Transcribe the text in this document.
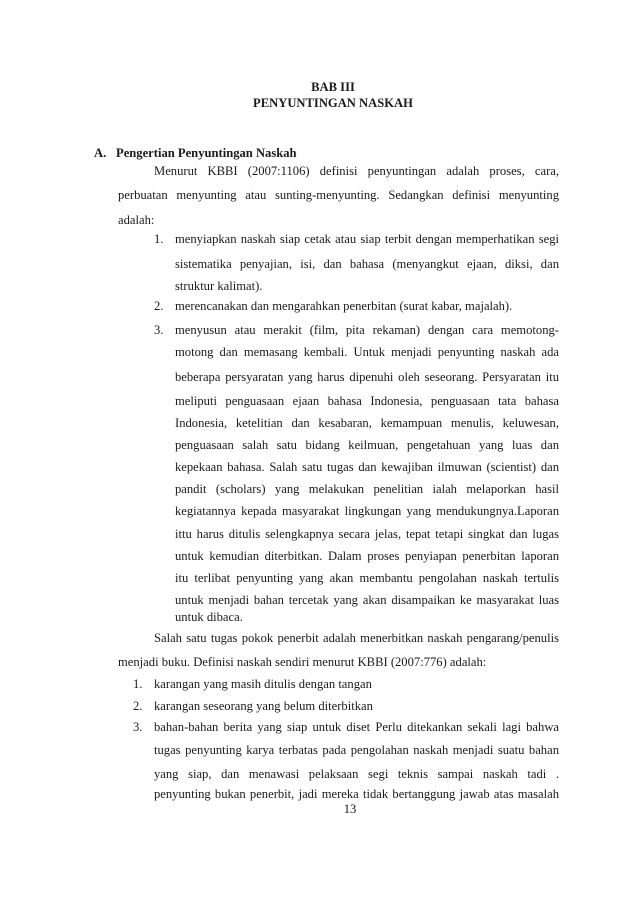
BAB III
PENYUNTINGAN NASKAH
A. Pengertian Penyuntingan Naskah
Menurut KBBI (2007:1106) definisi penyuntingan adalah proses, cara,
perbuatan menyunting atau sunting-menyunting. Sedangkan definisi menyunting
adalah:
1. menyiapkan naskah siap cetak atau siap terbit dengan memperhatikan segi
sistematika penyajian, isi, dan bahasa (menyangkut ejaan, diksi, dan
struktur kalimat).
2. merencanakan dan mengarahkan penerbitan (surat kabar, majalah).
3. menyusun atau merakit (film, pita rekaman) dengan cara memotong-
motong dan memasang kembali. Untuk menjadi penyunting naskah ada
beberapa persyaratan yang harus dipenuhi oleh seseorang. Persyaratan itu
meliputi penguasaan ejaan bahasa Indonesia, penguasaan tata bahasa
Indonesia, ketelitian dan kesabaran, kemampuan menulis, keluwesan,
penguasaan salah satu bidang keilmuan, pengetahuan yang luas dan
kepekaan bahasa. Salah satu tugas dan kewajiban ilmuwan (scientist) dan
pandit (scholars) yang melakukan penelitian ialah melaporkan hasil
kegiatannya kepada masyarakat lingkungan yang mendukungnya.Laporan
ittu harus ditulis selengkapnya secara jelas, tepat tetapi singkat dan lugas
untuk kemudian diterbitkan. Dalam proses penyiapan penerbitan laporan
itu terlibat penyunting yang akan membantu pengolahan naskah tertulis
untuk menjadi bahan tercetak yang akan disampaikan ke masyarakat luas
untuk dibaca.
Salah satu tugas pokok penerbit adalah menerbitkan naskah pengarang/penulis
menjadi buku. Definisi naskah sendiri menurut KBBI (2007:776) adalah:
1. karangan yang masih ditulis dengan tangan
2. karangan seseorang yang belum diterbitkan
3. bahan-bahan berita yang siap untuk diset Perlu ditekankan sekali lagi bahwa
tugas penyunting karya terbatas pada pengolahan naskah menjadi suatu bahan
yang siap, dan menawasi pelaksaan segi teknis sampai naskah tadi .
penyunting bukan penerbit, jadi mereka tidak bertanggung jawab atas masalah
13
